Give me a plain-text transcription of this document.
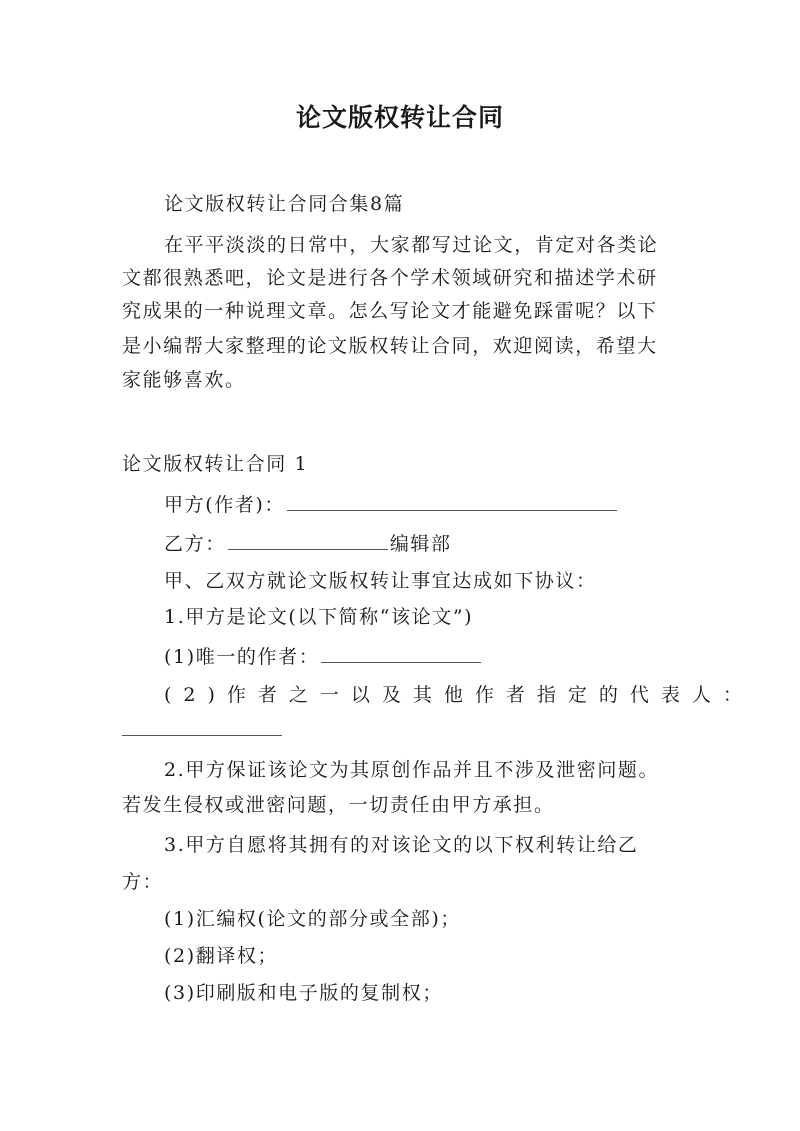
论文版权转让合同
论文版权转让合同合集8篇
在平平淡淡的日常中，大家都写过论文，肯定对各类论
文都很熟悉吧，论文是进行各个学术领域研究和描述学术研
究成果的一种说理文章。怎么写论文才能避免踩雷呢？以下
是小编帮大家整理的论文版权转让合同，欢迎阅读，希望大
家能够喜欢。
论文版权转让合同 1
甲方(作者)：
乙方：	编辑部
甲、乙双方就论文版权转让事宜达成如下协议：
1.甲方是论文(以下简称“该论文”)
(1)唯一的作者：
(2)作者之一以及其他作者指定的代表人：
2.甲方保证该论文为其原创作品并且不涉及泄密问题。
若发生侵权或泄密问题，一切责任由甲方承担。
3.甲方自愿将其拥有的对该论文的以下权利转让给乙
方：
(1)汇编权(论文的部分或全部)；
(2)翻译权；
(3)印刷版和电子版的复制权；
